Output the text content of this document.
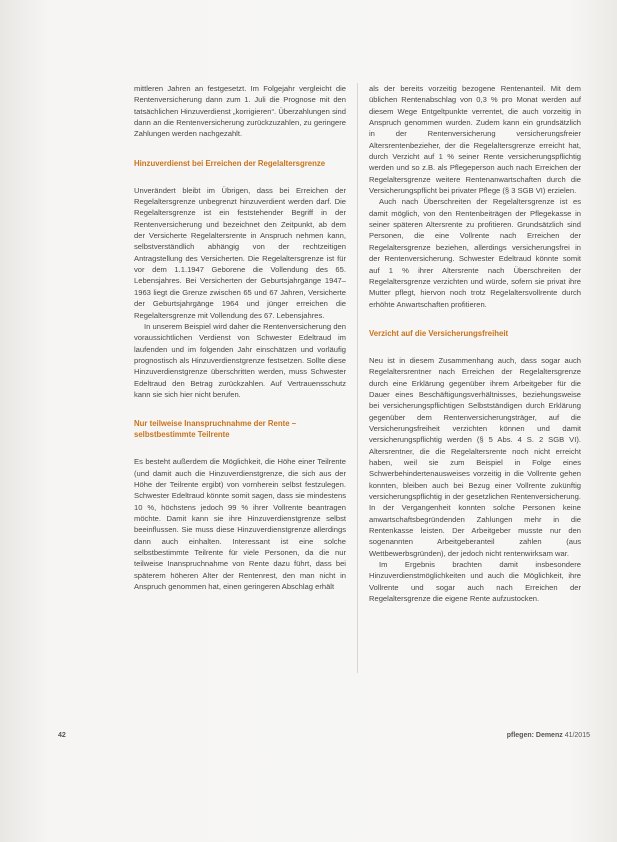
mittleren Jahren an festgesetzt. Im Folgejahr vergleicht die Rentenversicherung dann zum 1. Juli die Prognose mit den tatsächlichen Hinzuverdienst „korrigieren“. Überzahlungen sind dann an die Rentenversicherung zurückzuzahlen, zu geringere Zahlungen werden nachgezahlt.

Hinzuverdienst bei Erreichen der Regelaltersgrenze

Unverändert bleibt im Übrigen, dass bei Erreichen der Regelaltersgrenze unbegrenzt hinzuverdient werden darf. Die Regelaltersgrenze ist ein feststehender Begriff in der Rentenversicherung und bezeichnet den Zeitpunkt, ab dem der Versicherte Regelaltersrente in Anspruch nehmen kann, selbstverständlich abhängig von der rechtzeitigen Antragstellung des Versicherten. Die Regelaltersgrenze ist für vor dem 1.1.1947 Geborene die Vollendung des 65. Lebensjahres. Bei Versicherten der Geburtsjahrgänge 1947–1963 liegt die Grenze zwischen 65 und 67 Jahren, Versicherte der Geburtsjahrgänge 1964 und jünger erreichen die Regelaltersgrenze mit Vollendung des 67. Lebensjahres.

In unserem Beispiel wird daher die Rentenversicherung den voraussichtlichen Verdienst von Schwester Edeltraud im laufenden und im folgenden Jahr einschätzen und vorläufig prognostisch als Hinzuverdienstgrenze festsetzen. Sollte diese Hinzuverdienstgrenze überschritten werden, muss Schwester Edeltraud den Betrag zurückzahlen. Auf Vertrauensschutz kann sie sich hier nicht berufen.

Nur teilweise Inanspruchnahme der Rente – selbstbestimmte Teilrente

Es besteht außerdem die Möglichkeit, die Höhe einer Teilrente (und damit auch die Hinzuverdienstgrenze, die sich aus der Höhe der Teilrente ergibt) von vornherein selbst festzulegen. Schwester Edeltraud könnte somit sagen, dass sie mindestens 10 %, höchstens jedoch 99 % ihrer Vollrente beantragen möchte. Damit kann sie ihre Hinzuverdienstgrenze selbst beeinflussen. Sie muss diese Hinzuverdienstgrenze allerdings dann auch einhalten. Interessant ist eine solche selbstbestimmte Teilrente für viele Personen, da die nur teilweise Inanspruchnahme von Rente dazu führt, dass bei späterem höheren Alter der Rentenrest, den man nicht in Anspruch genommen hat, einen geringeren Abschlag erhält

als der bereits vorzeitig bezogene Rentenanteil. Mit dem üblichen Rentenabschlag von 0,3 % pro Monat werden auf diesem Wege Entgeltpunkte verrentet, die auch vorzeitig in Anspruch genommen wurden. Zudem kann ein grundsätzlich in der Rentenversicherung versicherungsfreier Altersrentenbezieher, der die Regelaltersgrenze erreicht hat, durch Verzicht auf 1 % seiner Rente versicherungspflichtig werden und so z.B. als Pflegeperson auch nach Erreichen der Regelaltersgrenze weitere Rentenanwartschaften durch die Versicherungspflicht bei privater Pflege (§ 3 SGB VI) erzielen.

Auch nach Überschreiten der Regelaltersgrenze ist es damit möglich, von den Rentenbeiträgen der Pflegekasse in seiner späteren Altersrente zu profitieren. Grundsätzlich sind Personen, die eine Vollrente nach Erreichen der Regelaltersgrenze beziehen, allerdings versicherungsfrei in der Rentenversicherung. Schwester Edeltraud könnte somit auf 1 % ihrer Altersrente nach Überschreiten der Regelaltersgrenze verzichten und würde, sofern sie privat ihre Mutter pflegt, hiervon noch trotz Regelaltersvollrente durch erhöhte Anwartschaften profitieren.

Verzicht auf die Versicherungsfreiheit

Neu ist in diesem Zusammenhang auch, dass sogar auch Regelaltersrentner nach Erreichen der Regelaltersgrenze durch eine Erklärung gegenüber ihrem Arbeitgeber für die Dauer eines Beschäftigungsverhältnisses, beziehungsweise bei versicherungspflichtigen Selbstständigen durch Erklärung gegenüber dem Rentenversicherungsträger, auf die Versicherungsfreiheit verzichten können und damit versicherungspflichtig werden (§ 5 Abs. 4 S. 2 SGB VI). Altersrentner, die die Regelaltersrente noch nicht erreicht haben, weil sie zum Beispiel in Folge eines Schwerbehindertenausweises vorzeitig in die Vollrente gehen konnten, bleiben auch bei Bezug einer Vollrente zukünftig versicherungspflichtig in der gesetzlichen Rentenversicherung. In der Vergangenheit konnten solche Personen keine anwartschaftsbegründenden Zahlungen mehr in die Rentenkasse leisten. Der Arbeitgeber musste nur den sogenannten Arbeitgeberanteil zahlen (aus Wettbewerbsgründen), der jedoch nicht rentenwirksam war.

Im Ergebnis brachten damit insbesondere Hinzuverdienstmöglichkeiten und auch die Möglichkeit, ihre Vollrente und sogar auch nach Erreichen der Regelaltersgrenze die eigene Rente aufzustocken.

42	pflegen: Demenz 41/2015
